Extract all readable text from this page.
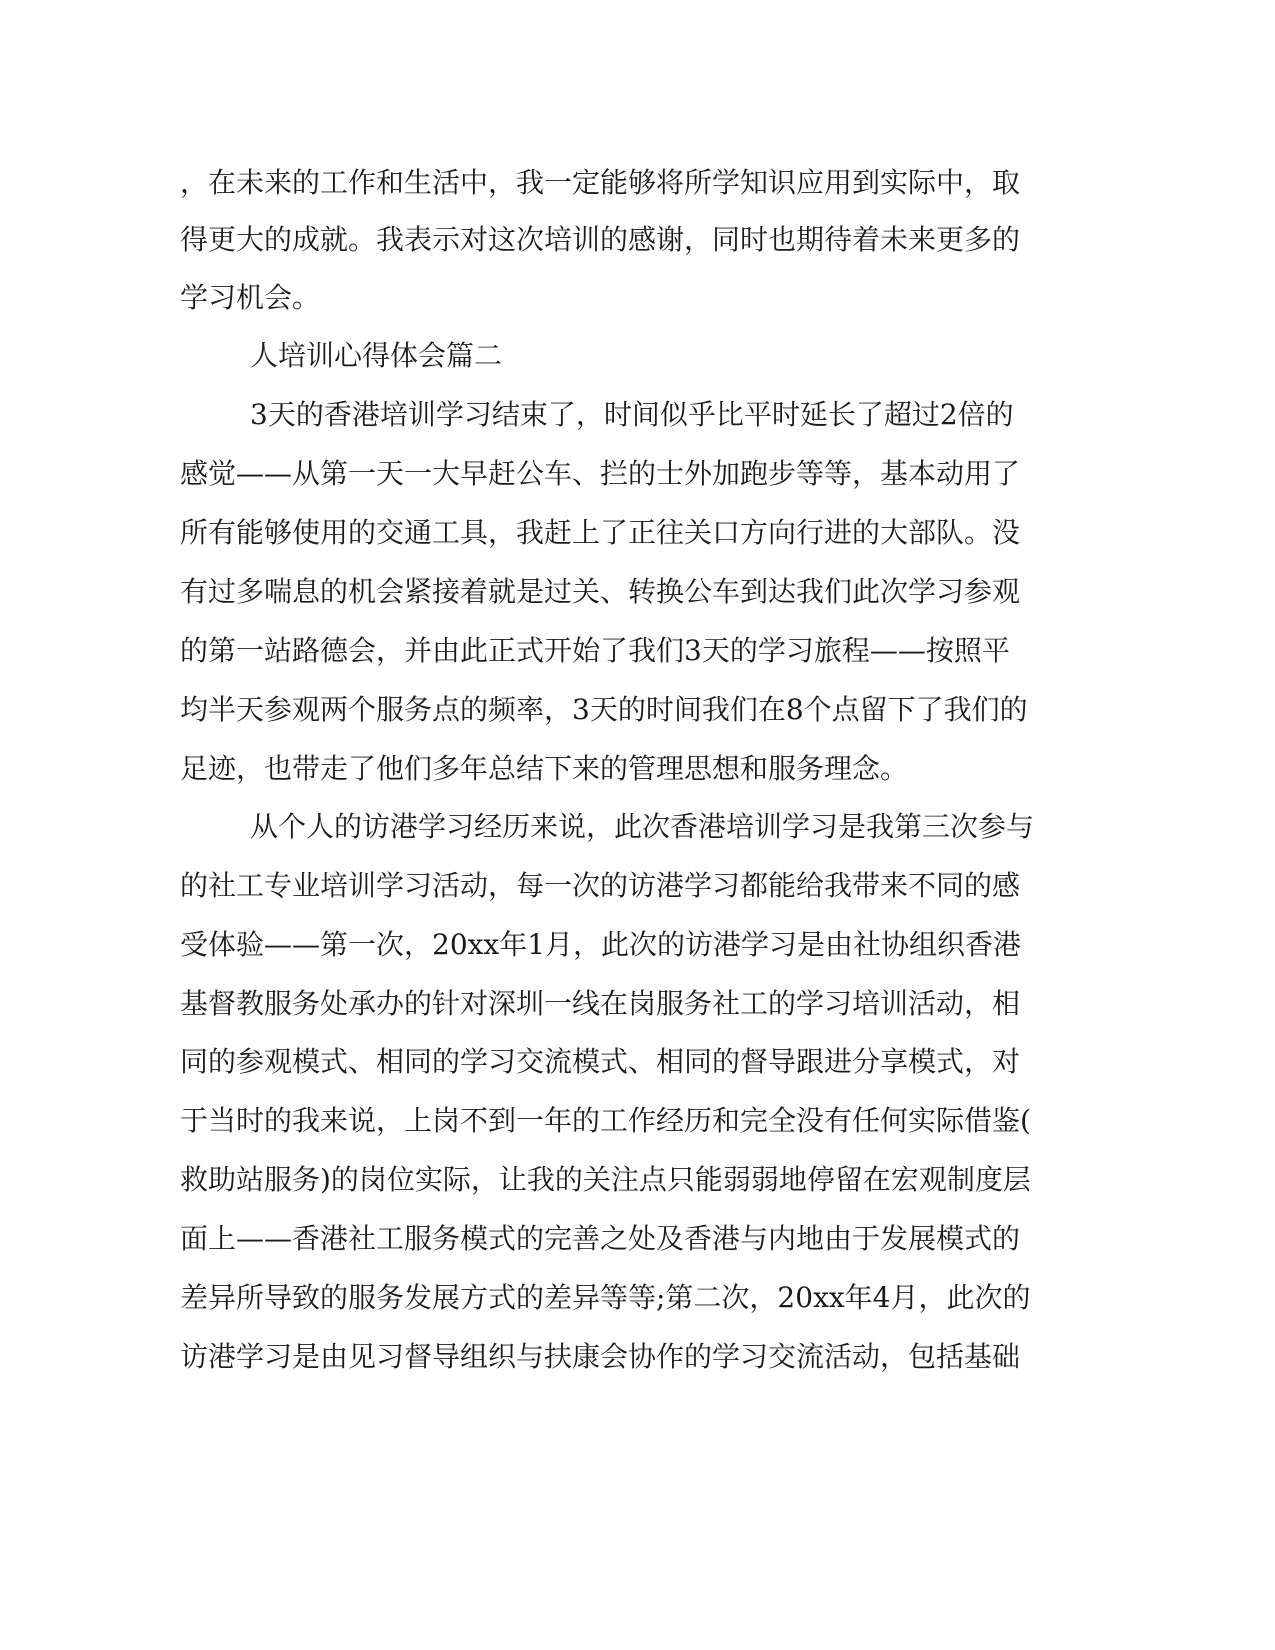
，在未来的工作和生活中，我一定能够将所学知识应用到实际中，取

得更大的成就。我表示对这次培训的感谢，同时也期待着未来更多的

学习机会。

人培训心得体会篇二

3天的香港培训学习结束了，时间似乎比平时延长了超过2倍的

感觉——从第一天一大早赶公车、拦的士外加跑步等等，基本动用了

所有能够使用的交通工具，我赶上了正往关口方向行进的大部队。没

有过多喘息的机会紧接着就是过关、转换公车到达我们此次学习参观

的第一站路德会，并由此正式开始了我们3天的学习旅程——按照平

均半天参观两个服务点的频率，3天的时间我们在8个点留下了我们的

足迹，也带走了他们多年总结下来的管理思想和服务理念。

从个人的访港学习经历来说，此次香港培训学习是我第三次参与

的社工专业培训学习活动，每一次的访港学习都能给我带来不同的感

受体验——第一次，20xx年1月，此次的访港学习是由社协组织香港

基督教服务处承办的针对深圳一线在岗服务社工的学习培训活动，相

同的参观模式、相同的学习交流模式、相同的督导跟进分享模式，对

于当时的我来说，上岗不到一年的工作经历和完全没有任何实际借鉴(

救助站服务)的岗位实际，让我的关注点只能弱弱地停留在宏观制度层

面上——香港社工服务模式的完善之处及香港与内地由于发展模式的

差异所导致的服务发展方式的差异等等;第二次，20xx年4月，此次的

访港学习是由见习督导组织与扶康会协作的学习交流活动，包括基础
